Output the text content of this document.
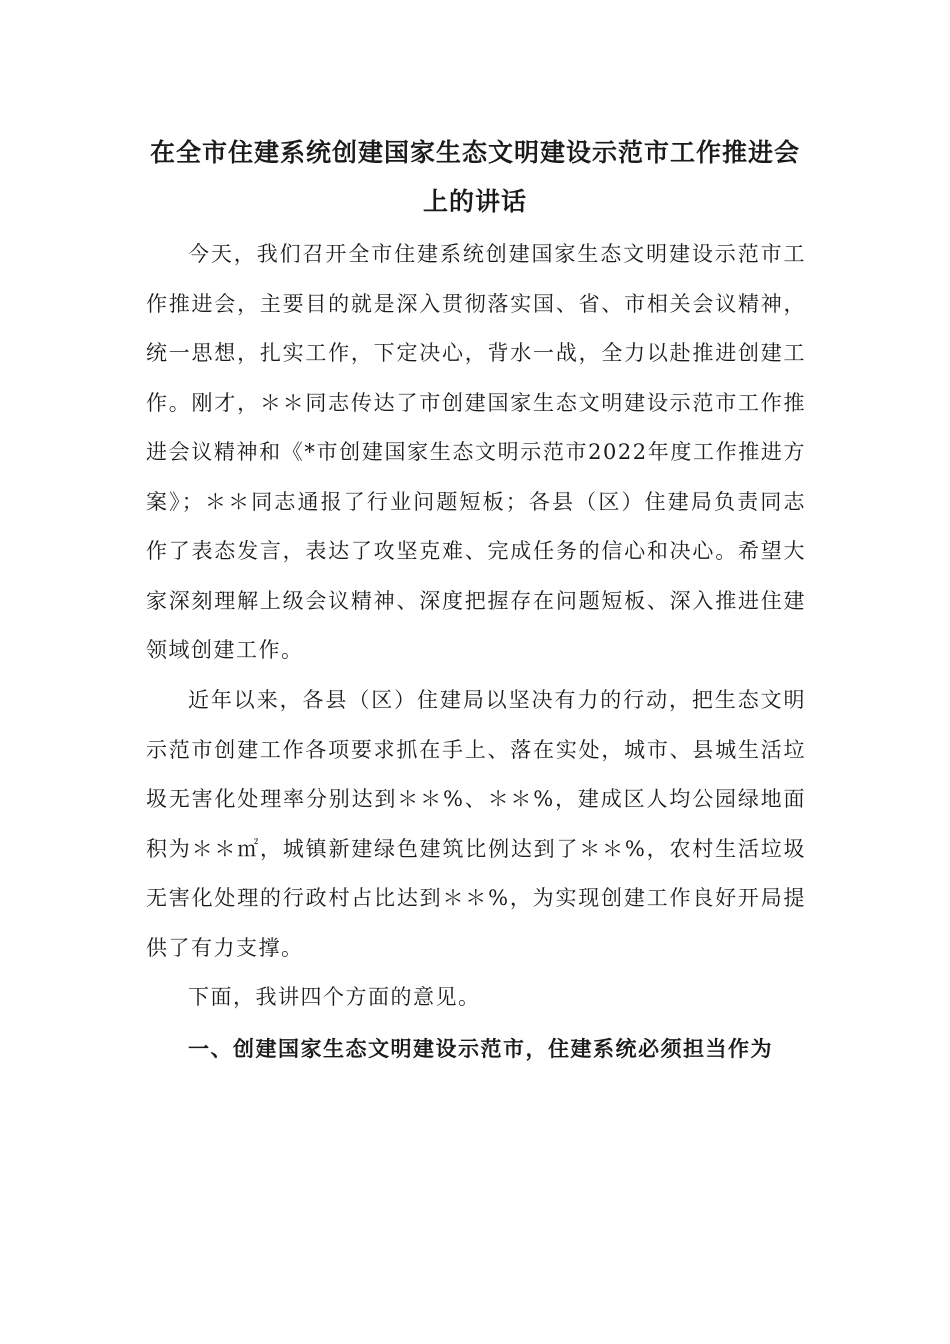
在全市住建系统创建国家生态文明建设示范市工作推进会
上的讲话

今天，我们召开全市住建系统创建国家生态文明建设示范市工作推进会，主要目的就是深入贯彻落实国、省、市相关会议精神，统一思想，扎实工作，下定决心，背水一战，全力以赴推进创建工作。刚才，＊＊同志传达了市创建国家生态文明建设示范市工作推进会议精神和《*市创建国家生态文明示范市2022年度工作推进方案》；＊＊同志通报了行业问题短板；各县（区）住建局负责同志作了表态发言，表达了攻坚克难、完成任务的信心和决心。希望大家深刻理解上级会议精神、深度把握存在问题短板、深入推进住建领域创建工作。

近年以来，各县（区）住建局以坚决有力的行动，把生态文明示范市创建工作各项要求抓在手上、落在实处，城市、县城生活垃圾无害化处理率分别达到＊＊%、＊＊%，建成区人均公园绿地面积为＊＊㎡，城镇新建绿色建筑比例达到了＊＊%，农村生活垃圾无害化处理的行政村占比达到＊＊%，为实现创建工作良好开局提供了有力支撑。

下面，我讲四个方面的意见。

一、创建国家生态文明建设示范市，住建系统必须担当作为
